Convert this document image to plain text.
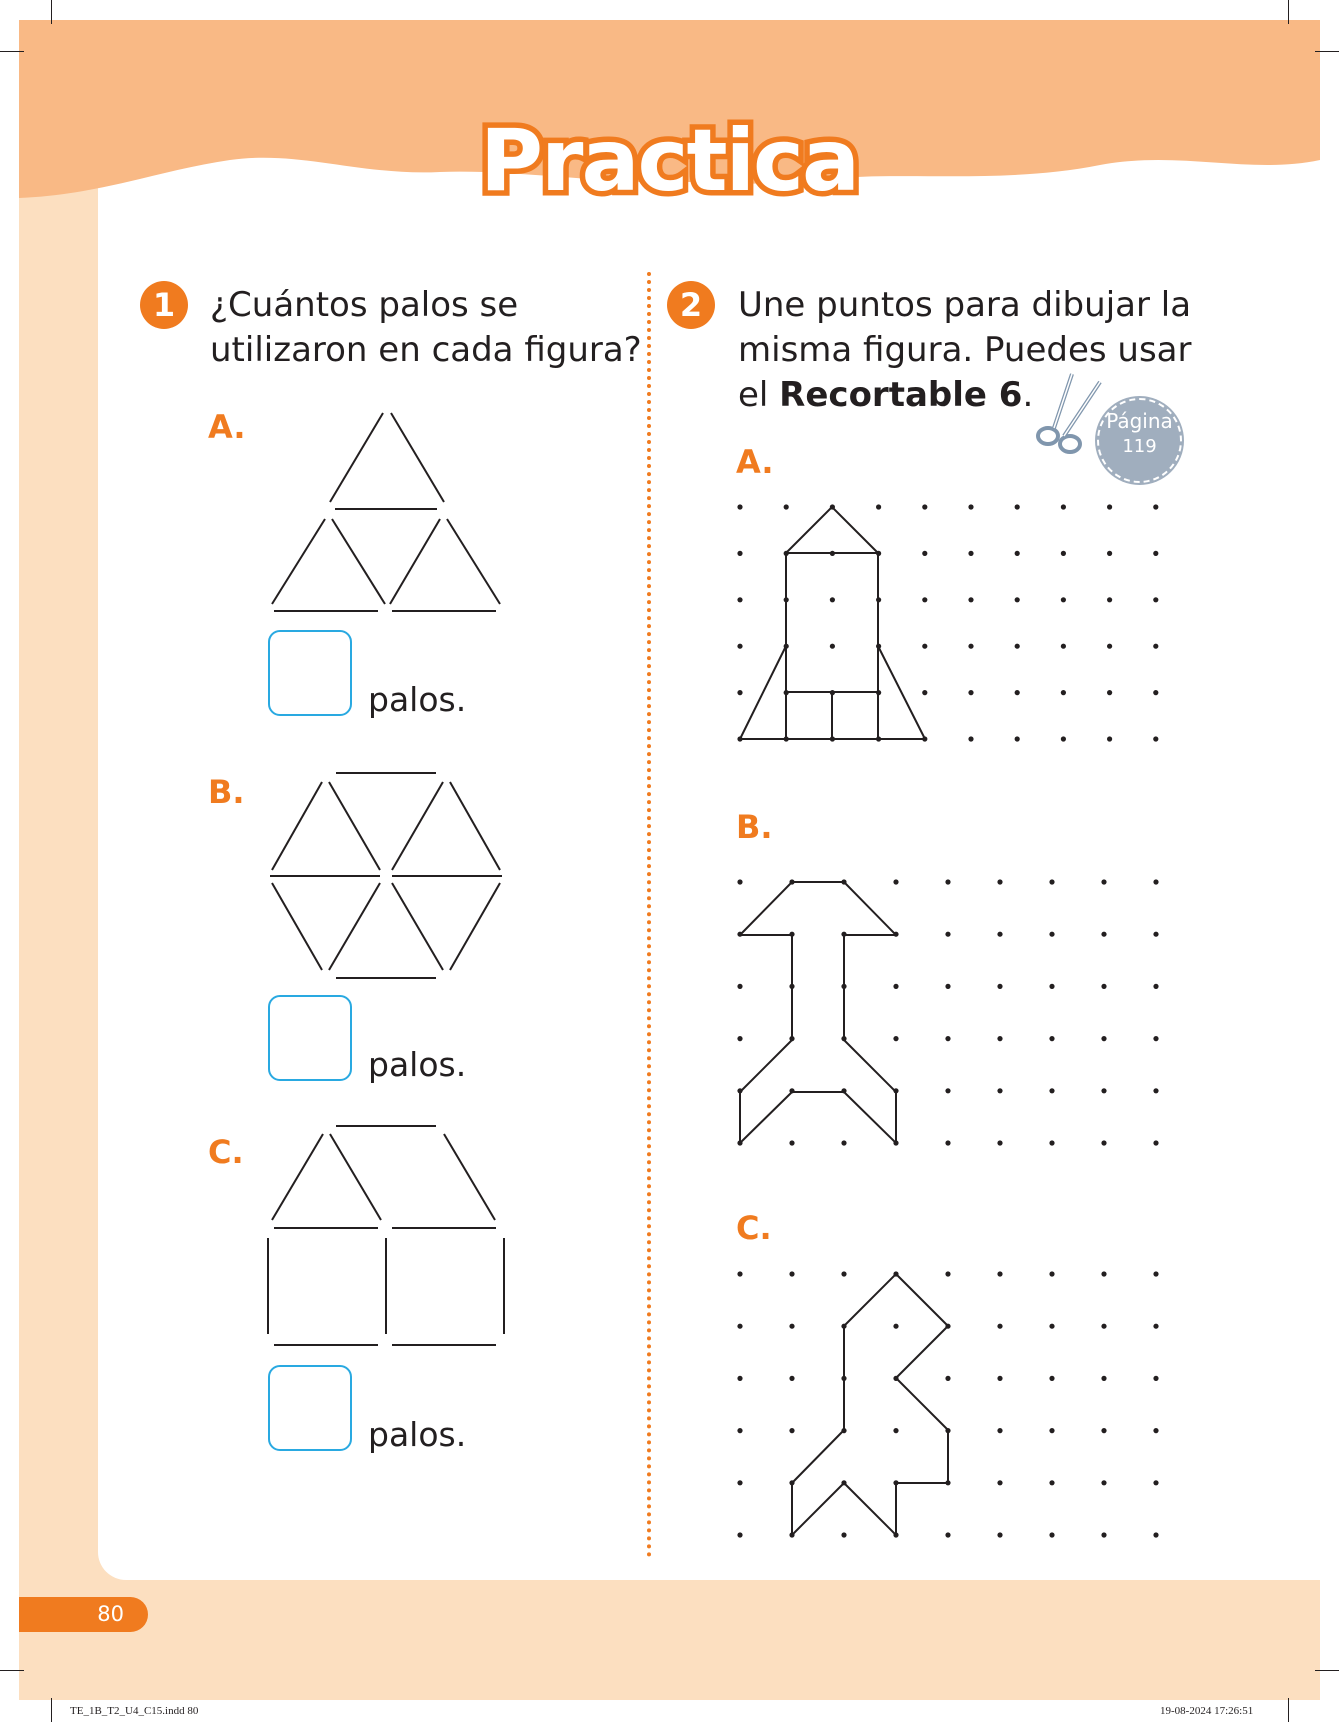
Practica
1	¿Cuántos palos se
utilizaron en cada figura?
A.
B.
C.
palos.
palos.
palos.
2	Une puntos para dibujar la
misma figura. Puedes usar
el Recortable 6.
Página
119
A.
B.
C.
80
TE_1B_T2_U4_C15.indd 80	19-08-2024 17:26:51
